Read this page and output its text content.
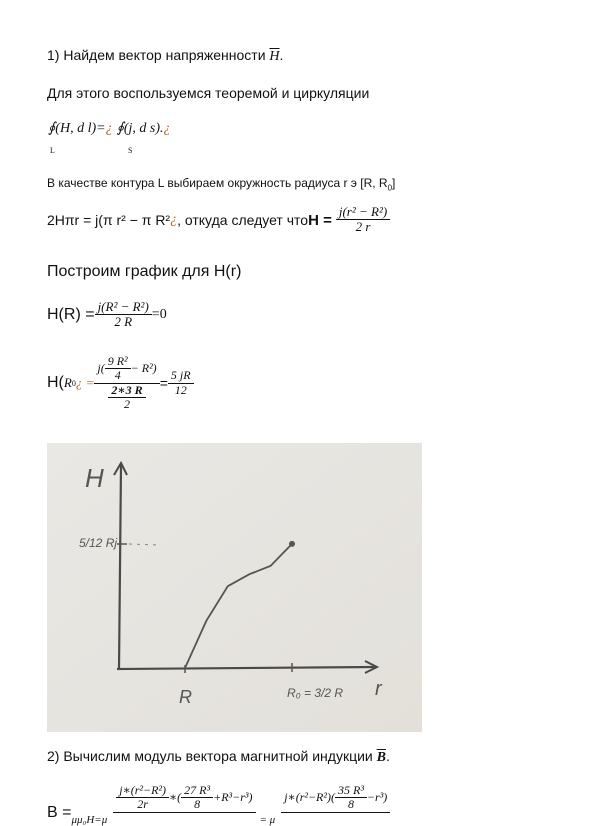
1) Найдем вектор напряженности $\overline{H}$.
Для этого воспользуемся теоремой и циркуляции
∮(H, d l)=¿ ∮(j, d s).¿
L	S
В качестве контура L выбираем окружность радиуса r э [R, $R_0$]
2Hπr = j(π r² − π R² ¿ , откуда следует что $H = \frac{\text{j(r² − R²)}}{2 r}$
Построим график для H(r)
$H(R) = \frac{\text{j(R² − R²)}}{2 R} =0$
H( R 0 ¿ = $\frac{j( \frac{\text{9 R²}}{4} - R^2)}{\frac{2∗3 R}{2}} = \frac{5 jR}{12}$
H
r
5/12 Rj
R	R₀ = 3/2 R
2) Вычислим модуль вектора магнитной индукции $\overline{B}$.
B = μμ₀H=μ
$\frac{\text{j∗(r²−R²)}}{2r}$ ∗( $\frac{\text{27 R³}}{8} +R^3-r^3$)
= μ
j∗(r²−R²)( $\frac{\text{35 R³}}{8} -r^3$)
